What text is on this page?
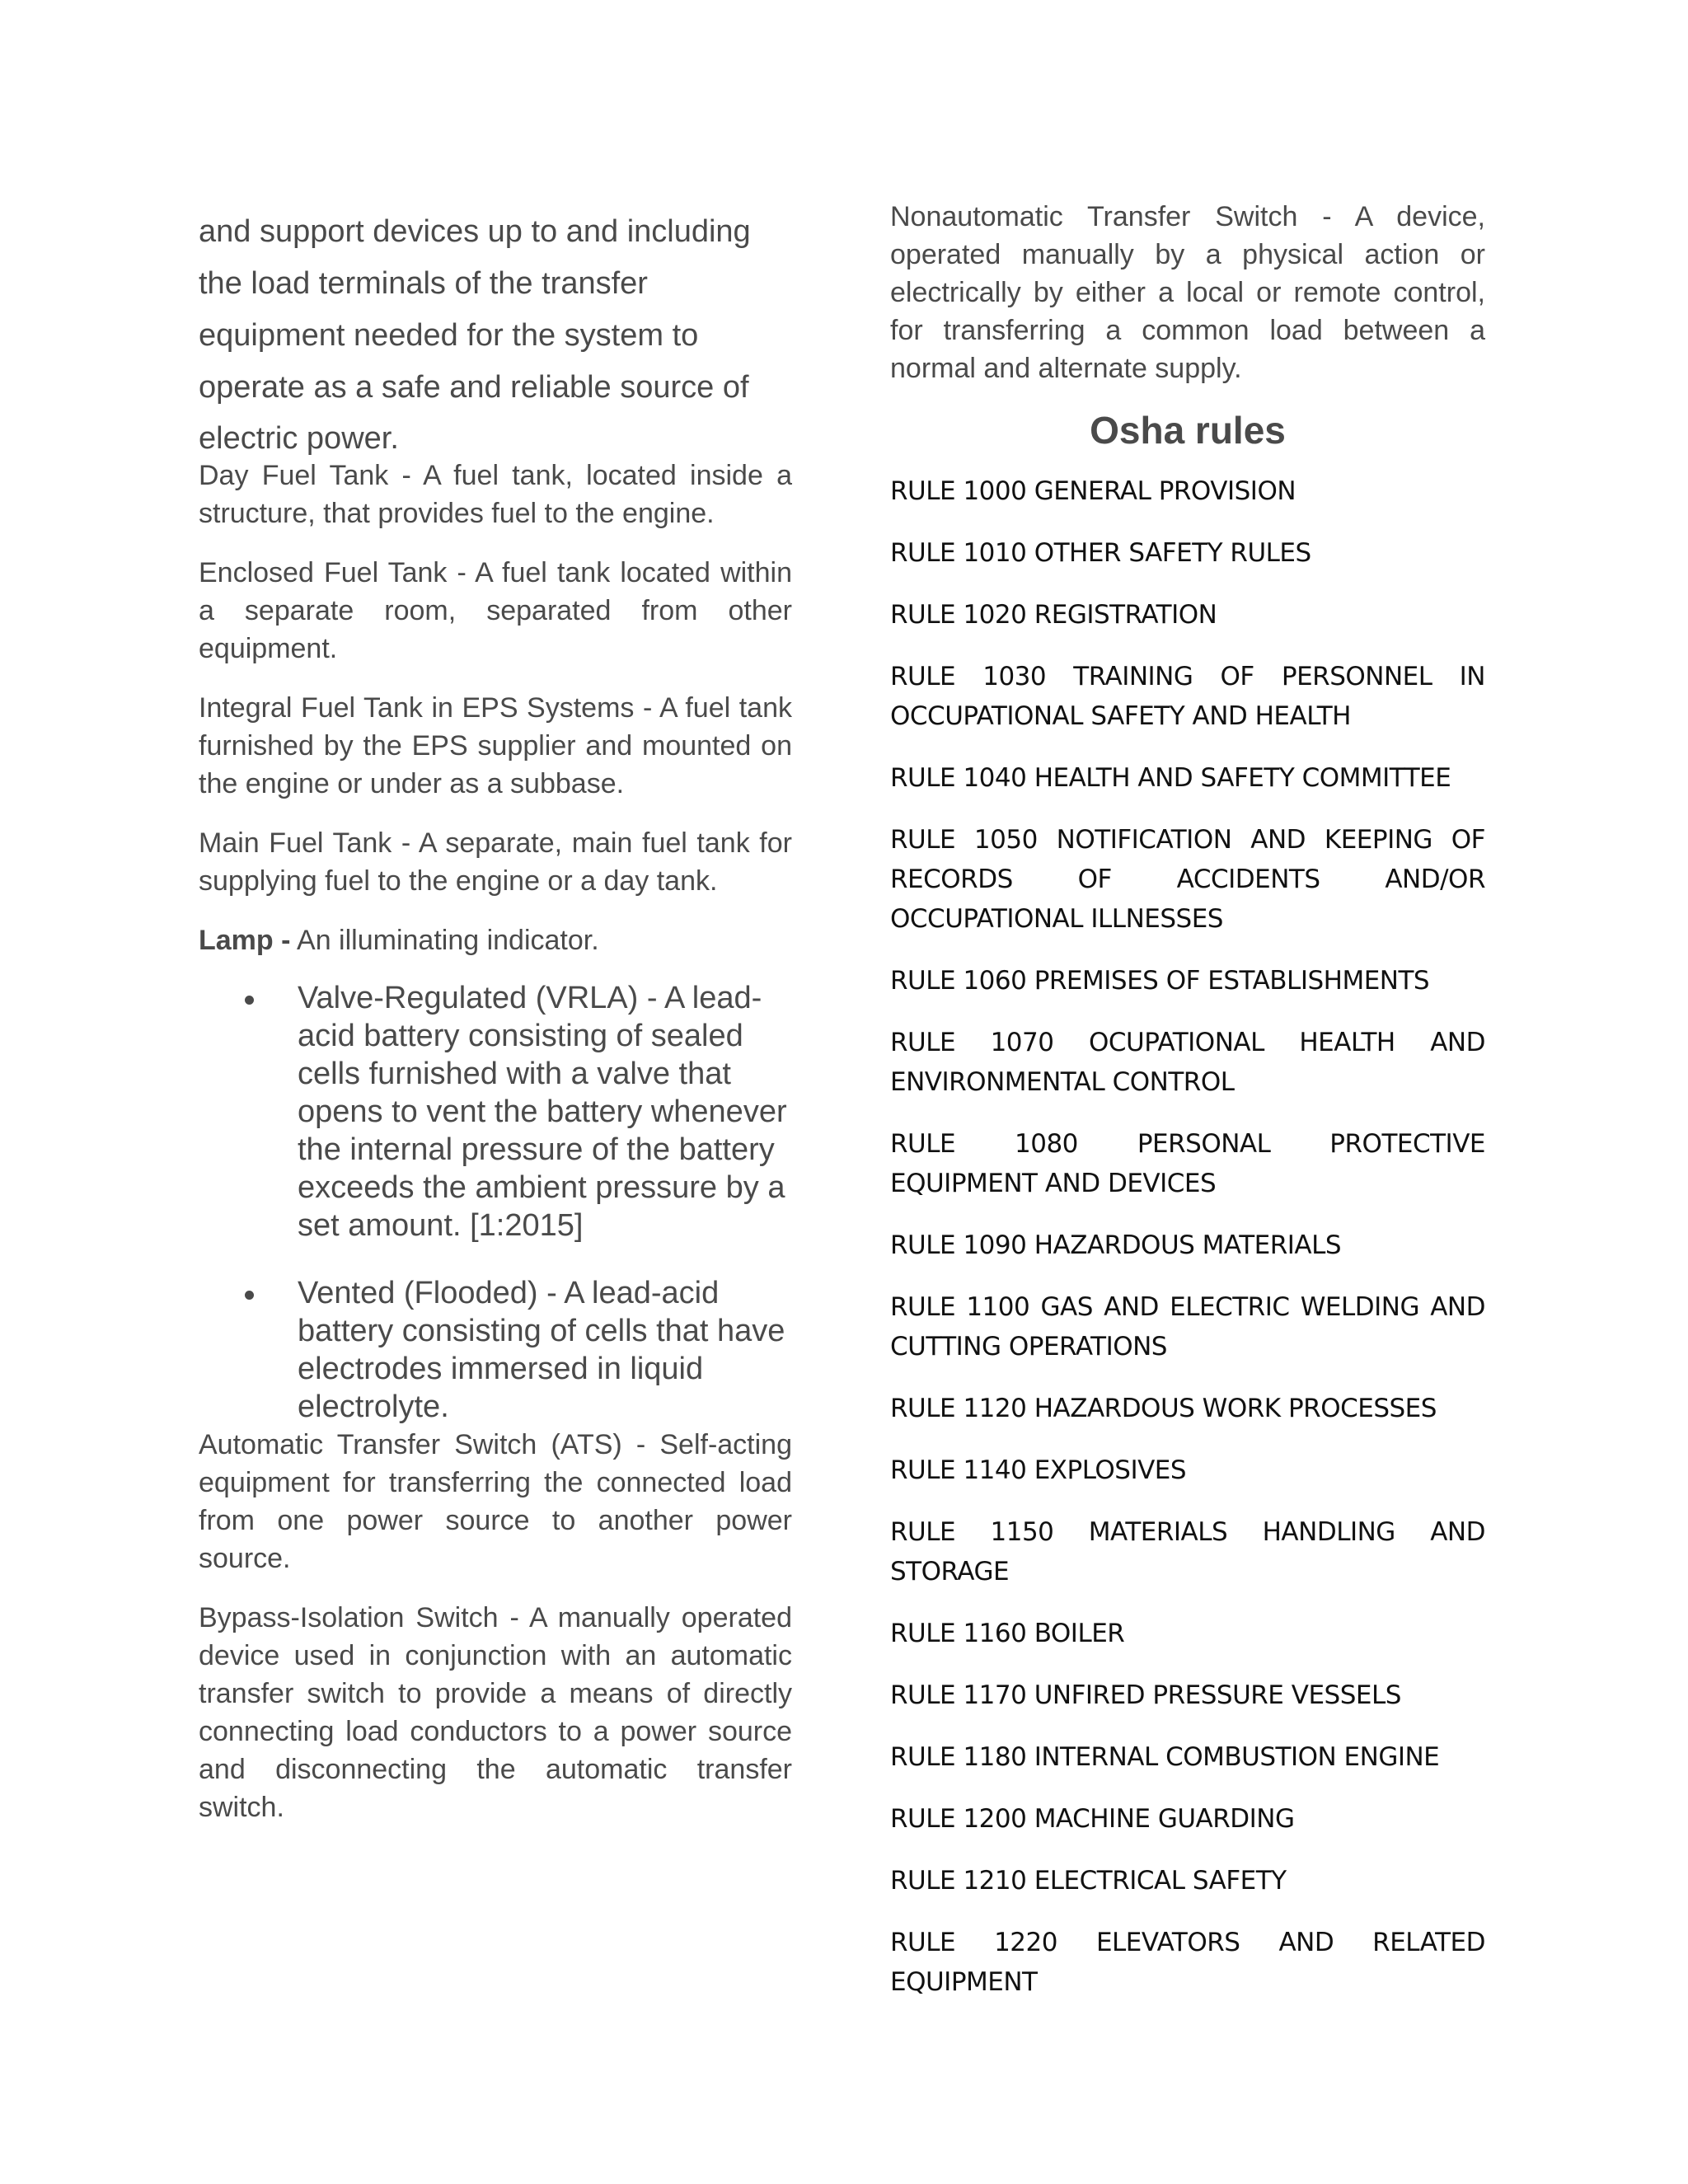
and support devices up to and including

the load terminals of the transfer

equipment needed for the system to

operate as a safe and reliable source of

electric power.

Day Fuel Tank - A fuel tank, located inside a structure, that provides fuel to the engine.

Enclosed Fuel Tank - A fuel tank located within a separate room, separated from other equipment.

Integral Fuel Tank in EPS Systems - A fuel tank furnished by the EPS supplier and mounted on the engine or under as a subbase.

Main Fuel Tank - A separate, main fuel tank for supplying fuel to the engine or a day tank.

Lamp - An illuminating indicator.

Valve-Regulated (VRLA) - A lead-acid battery consisting of sealed cells furnished with a valve that opens to vent the battery whenever the internal pressure of the battery exceeds the ambient pressure by a set amount. [1:2015]
Vented (Flooded) - A lead-acid battery consisting of cells that have electrodes immersed in liquid electrolyte.

Automatic Transfer Switch (ATS) - Self-acting equipment for transferring the connected load from one power source to another power source.

Bypass-Isolation Switch - A manually operated device used in conjunction with an automatic transfer switch to provide a means of directly connecting load conductors to a power source and disconnecting the automatic transfer switch.

Nonautomatic Transfer Switch - A device, operated manually by a physical action or electrically by either a local or remote control, for transferring a common load between a normal and alternate supply.

Osha rules
RULE 1000 GENERAL PROVISION
RULE 1010 OTHER SAFETY RULES
RULE 1020 REGISTRATION
RULE 1030 TRAINING OF PERSONNEL IN OCCUPATIONAL SAFETY AND HEALTH
RULE 1040 HEALTH AND SAFETY COMMITTEE
RULE 1050 NOTIFICATION AND KEEPING OF RECORDS OF ACCIDENTS AND/OR OCCUPATIONAL ILLNESSES
RULE 1060 PREMISES OF ESTABLISHMENTS
RULE 1070 OCUPATIONAL HEALTH AND ENVIRONMENTAL CONTROL
RULE 1080 PERSONAL PROTECTIVE EQUIPMENT AND DEVICES
RULE 1090 HAZARDOUS MATERIALS
RULE 1100 GAS AND ELECTRIC WELDING AND CUTTING OPERATIONS
RULE 1120 HAZARDOUS WORK PROCESSES
RULE 1140 EXPLOSIVES
RULE 1150 MATERIALS HANDLING AND STORAGE
RULE 1160 BOILER
RULE 1170 UNFIRED PRESSURE VESSELS
RULE 1180 INTERNAL COMBUSTION ENGINE
RULE 1200 MACHINE GUARDING
RULE 1210 ELECTRICAL SAFETY
RULE 1220 ELEVATORS AND RELATED EQUIPMENT
